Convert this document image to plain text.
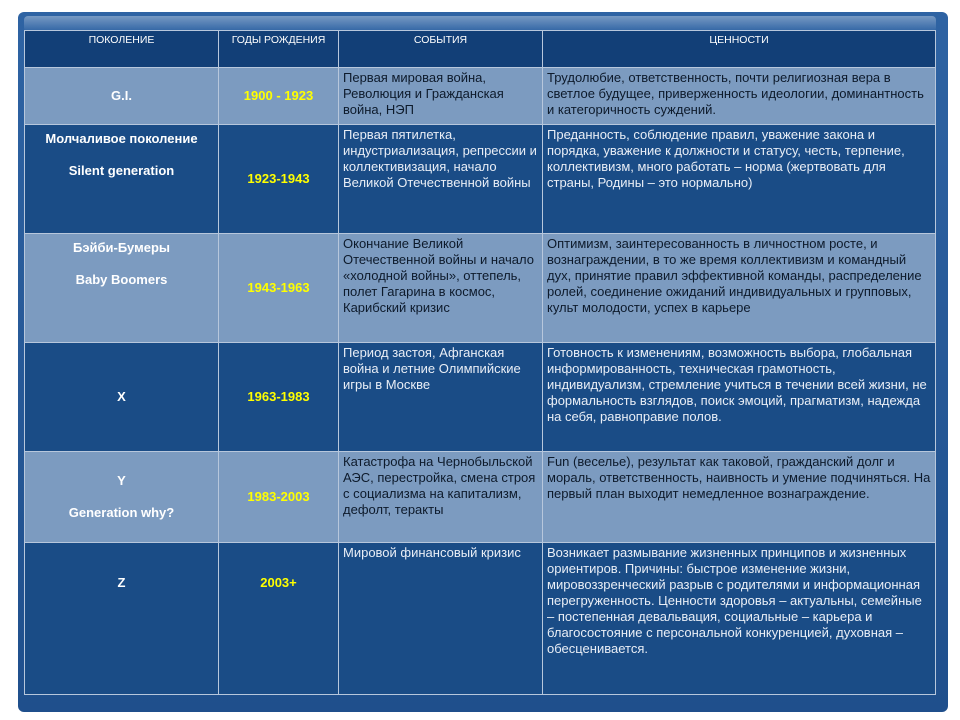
ПОКОЛЕНИЕ	ГОДЫ РОЖДЕНИЯ	СОБЫТИЯ	ЦЕННОСТИ
G.I.	1900 - 1923	Первая мировая война, Революция и Гражданская война, НЭП	Трудолюбие, ответственность, почти религиозная вера в светлое будущее, приверженность идеологии, доминантность и категоричность суждений.
Молчаливое поколение
Silent generation	1923-1943	Первая пятилетка, индустриализация, репрессии и коллективизация, начало Великой Отечественной войны	Преданность, соблюдение правил, уважение закона и порядка, уважение к должности и статусу, честь, терпение, коллективизм, много работать – норма (жертвовать для страны, Родины – это нормально)
Бэйби-Бумеры
Baby Boomers	1943-1963	Окончание Великой Отечественной войны и начало «холодной войны», оттепель, полет Гагарина в космос, Карибский кризис	Оптимизм, заинтересованность в личностном росте, и вознаграждении, в то же время коллективизм и командный дух, принятие правил эффективной команды, распределение ролей, соединение ожиданий индивидуальных и групповых, культ молодости, успех в карьере
X	1963-1983	Период застоя, Афганская война и летние Олимпийские игры в Москве	Готовность к изменениям, возможность выбора, глобальная информированность, техническая грамотность, индивидуализм, стремление учиться в течении всей жизни, не формальность взглядов, поиск эмоций, прагматизм, надежда на себя, равноправие полов.
Y
Generation why?	1983-2003	Катастрофа на Чернобыльской АЭС, перестройка, смена строя с социализма на капитализм, дефолт, теракты	Fun (веселье), результат как таковой, гражданский долг и мораль, ответственность, наивность и умение подчиняться. На первый план выходит немедленное вознаграждение.
Z	2003+	Мировой финансовый кризис	Возникает размывание жизненных принципов и жизненных ориентиров. Причины: быстрое изменение жизни, мировоззренческий разрыв с родителями и информационная перегруженность. Ценности здоровья – актуальны, семейные – постепенная девальвация, социальные – карьера и благосостояние с персональной конкуренцией, духовная – обесценивается.
